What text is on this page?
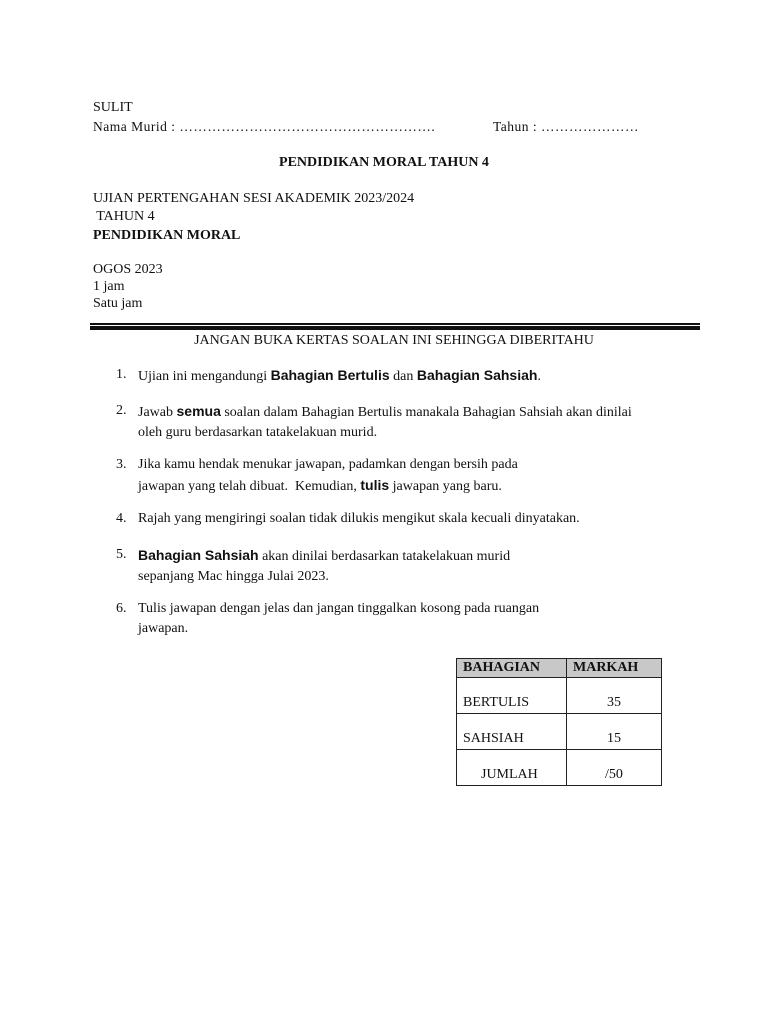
SULIT
Nama Murid : ……………………………………………….	Tahun : …………………
PENDIDIKAN MORAL TAHUN 4
UJIAN PERTENGAHAN SESI AKADEMIK 2023/2024
TAHUN 4
PENDIDIKAN MORAL
OGOS 2023
1 jam
Satu jam
JANGAN BUKA KERTAS SOALAN INI SEHINGGA DIBERITAHU
1. Ujian ini mengandungi Bahagian Bertulis dan Bahagian Sahsiah.
2. Jawab semua soalan dalam Bahagian Bertulis manakala Bahagian Sahsiah akan dinilai
oleh guru berdasarkan tatakelakuan murid.
3. Jika kamu hendak menukar jawapan, padamkan dengan bersih pada
jawapan yang telah dibuat.  Kemudian, tulis jawapan yang baru.
4. Rajah yang mengiringi soalan tidak dilukis mengikut skala kecuali dinyatakan.
5. Bahagian Sahsiah akan dinilai berdasarkan tatakelakuan murid
sepanjang Mac hingga Julai 2023.
6. Tulis jawapan dengan jelas dan jangan tinggalkan kosong pada ruangan
jawapan.
BAHAGIAN	MARKAH
BERTULIS	35
SAHSIAH	15
JUMLAH	/50
